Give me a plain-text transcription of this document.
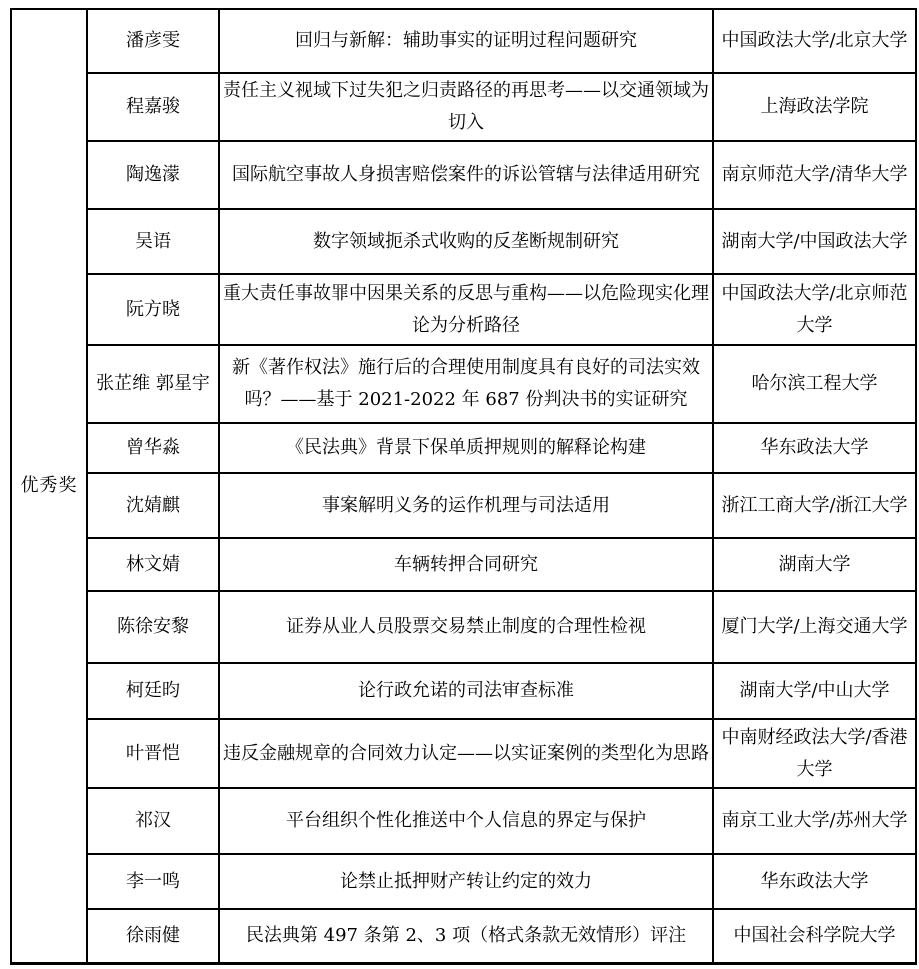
优秀奖	潘彦雯	回归与新解：辅助事实的证明过程问题研究	中国政法大学/北京大学
	程嘉骏	责任主义视域下过失犯之归责路径的再思考——以交通领域为切入	上海政法学院
	陶逸濛	国际航空事故人身损害赔偿案件的诉讼管辖与法律适用研究	南京师范大学/清华大学
	吴语	数字领域扼杀式收购的反垄断规制研究	湖南大学/中国政法大学
	阮方晓	重大责任事故罪中因果关系的反思与重构——以危险现实化理论为分析路径	中国政法大学/北京师范大学
	张芷维 郭星宇	新《著作权法》施行后的合理使用制度具有良好的司法实效吗？——基于 2021-2022 年 687 份判决书的实证研究	哈尔滨工程大学
	曾华淼	《民法典》背景下保单质押规则的解释论构建	华东政法大学
	沈婧麒	事案解明义务的运作机理与司法适用	浙江工商大学/浙江大学
	林文婧	车辆转押合同研究	湖南大学
	陈徐安黎	证券从业人员股票交易禁止制度的合理性检视	厦门大学/上海交通大学
	柯廷昀	论行政允诺的司法审查标准	湖南大学/中山大学
	叶晋恺	违反金融规章的合同效力认定——以实证案例的类型化为思路	中南财经政法大学/香港大学
	祁汉	平台组织个性化推送中个人信息的界定与保护	南京工业大学/苏州大学
	李一鸣	论禁止抵押财产转让约定的效力	华东政法大学
	徐雨健	民法典第 497 条第 2、3 项（格式条款无效情形）评注	中国社会科学院大学
